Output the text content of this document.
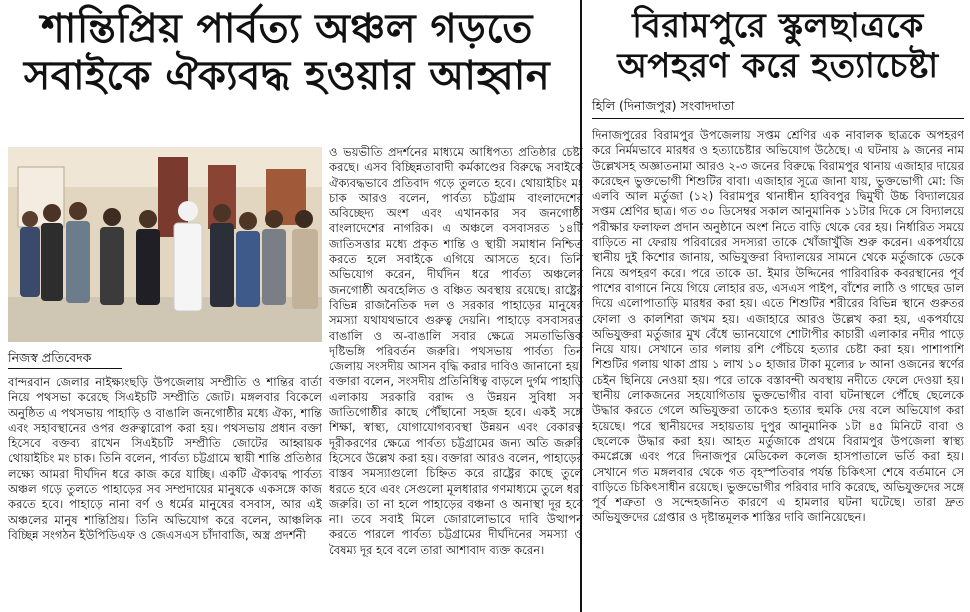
শান্তিপ্রিয় পার্বত্য অঞ্চল গড়তে সবাইকে ঐক্যবদ্ধ হওয়ার আহ্বান
নিজস্ব প্রতিবেদক

বান্দরবান জেলার নাইক্ষ্যংছড়ি উপজেলায় সম্প্রীতি ও শান্তির বার্তা নিয়ে পথসভা করেছে সিএইচটি সম্প্রীতি জোট। মঙ্গলবার বিকেলে অনুষ্ঠিত এ পথসভায় পাহাড়ি ও বাঙালি জনগোষ্ঠীর মধ্যে ঐক্য, শান্তি এবং সহাবস্থানের ওপর গুরুত্বারোপ করা হয়। পথসভায় প্রধান বক্তা হিসেবে বক্তব্য রাখেন সিএইচটি সম্প্রীতি জোটের আহ্বায়ক থোয়াইচিং মং চাক। তিনি বলেন, পার্বত্য চট্টগ্রামে স্থায়ী শান্তি প্রতিষ্ঠার লক্ষ্যে আমরা দীর্ঘদিন ধরে কাজ করে যাচ্ছি। একটি ঐক্যবদ্ধ পার্বত্য অঞ্চল গড়ে তুলতে পাহাড়ের সব সম্প্রদায়ের মানুষকে একসঙ্গে কাজ করতে হবে। পাহাড়ে নানা বর্ণ ও ধর্মের মানুষের বসবাস, আর এই অঞ্চলের মানুষ শান্তিপ্রিয়। তিনি অভিযোগ করে বলেন, আঞ্চলিক বিচ্ছিন্ন সংগঠন ইউপিডিএফ ও জেএসএস চাঁদাবাজি, অস্ত্র প্রদর্শনী

ও ভয়ভীতি প্রদর্শনের মাধ্যমে আধিপত্য প্রতিষ্ঠার চেষ্টা করছে। এসব বিচ্ছিন্নতাবাদী কর্মকাণ্ডের বিরুদ্ধে সবাইকে ঐক্যবদ্ধভাবে প্রতিবাদ গড়ে তুলতে হবে। থোয়াইচিং মং চাক আরও বলেন, পার্বত্য চট্টগ্রাম বাংলাদেশের অবিচ্ছেদ্য অংশ এবং এখানকার সব জনগোষ্ঠী বাংলাদেশের নাগরিক। এ অঞ্চলে বসবাসরত ১৪টি জাতিসত্তার মধ্যে প্রকৃত শান্তি ও স্থায়ী সমাধান নিশ্চিত করতে হলে সবাইকে এগিয়ে আসতে হবে। তিনি অভিযোগ করেন, দীর্ঘদিন ধরে পার্বত্য অঞ্চলের জনগোষ্ঠী অবহেলিত ও বঞ্চিত অবস্থায় রয়েছে। রাষ্ট্রের বিভিন্ন রাজনৈতিক দল ও সরকার পাহাড়ের মানুষের সমস্যা যথাযথভাবে গুরুত্ব দেয়নি। পাহাড়ে বসবাসরত বাঙালি ও অ-বাঙালি সবার ক্ষেত্রে সমতাভিত্তিক দৃষ্টিভঙ্গি পরিবর্তন জরুরি। পথসভায় পার্বত্য তিন জেলায় সংসদীয় আসন বৃদ্ধি করার দাবিও জানানো হয়। বক্তারা বলেন, সংসদীয় প্রতিনিধিত্ব বাড়লে দুর্গম পাহাড়ি এলাকায় সরকারি বরাদ্দ ও উন্নয়ন সুবিধা সব জাতিগোষ্ঠীর কাছে পৌঁছানো সহজ হবে। একই সঙ্গে শিক্ষা, স্বাস্থ্য, যোগাযোগব্যবস্থা উন্নয়ন এবং বেকারত্ব দূরীকরণের ক্ষেত্রে পার্বত্য চট্টগ্রামের জন্য অতি জরুরি হিসেবে উল্লেখ করা হয়। বক্তারা আরও বলেন, পাহাড়ের বাস্তব সমস্যাগুলো চিহ্নিত করে রাষ্ট্রের কাছে তুলে ধরতে হবে এবং সেগুলো মূলধারার গণমাধ্যমে তুলে ধরা জরুরি। তা না হলে পাহাড়ের বঞ্চনা ও অনাস্থা দূর হবে না। তবে সবাই মিলে জোরালোভাবে দাবি উত্থাপন করতে পারলে পার্বত্য চট্টগ্রামের দীর্ঘদিনের সমস্যা ও বৈষম্য দূর হবে বলে তারা আশাবাদ ব্যক্ত করেন।

বিরামপুরে স্কুলছাত্রকে অপহরণ করে হত্যাচেষ্টা
হিলি (দিনাজপুর) সংবাদদাতা

দিনাজপুরের বিরামপুর উপজেলায় সপ্তম শ্রেণির এক নাবালক ছাত্রকে অপহরণ করে নির্মমভাবে মারধর ও হত্যাচেষ্টার অভিযোগ উঠেছে। এ ঘটনায় ৯ জনের নাম উল্লেখসহ অজ্ঞাতনামা আরও ২-৩ জনের বিরুদ্ধে বিরামপুর থানায় এজাহার দায়ের করেছেন ভুক্তভোগী শিশুটির বাবা। এজাহার সূত্রে জানা যায়, ভুক্তভোগী মো: জি এলবি আল মর্তুজা (১২) বিরামপুর থানাধীন হাবিবপুর দ্বিমুখী উচ্চ বিদ্যালয়ের সপ্তম শ্রেণির ছাত্র। গত ৩০ ডিসেম্বর সকাল আনুমানিক ১১টার দিকে সে বিদ্যালয়ে পরীক্ষার ফলাফল প্রদান অনুষ্ঠানে অংশ নিতে বাড়ি থেকে বের হয়। নির্ধারিত সময়ে বাড়িতে না ফেরায় পরিবারের সদস্যরা তাকে খোঁজাখুঁজি শুরু করেন। একপর্যায়ে স্থানীয় দুই কিশোর জানায়, অভিযুক্তরা বিদ্যালয়ের সামনে থেকে মর্তুজাকে ডেকে নিয়ে অপহরণ করে। পরে তাকে ডা. ইমার উদ্দিনের পারিবারিক কবরস্থানের পূর্ব পাশের বাগানে নিয়ে গিয়ে লোহার রড, এসএস পাইপ, বাঁশের লাঠি ও গাছের ডাল দিয়ে এলোপাতাড়ি মারধর করা হয়। এতে শিশুটির শরীরের বিভিন্ন স্থানে গুরুতর ফোলা ও কালশিরা জখম হয়। এজাহারে আরও উল্লেখ করা হয়, একপর্যায়ে অভিযুক্তরা মর্তুজার মুখ বেঁধে ভ্যানযোগে শোটাপীর কাচারী এলাকার নদীর পাড়ে নিয়ে যায়। সেখানে তার গলায় রশি পেঁচিয়ে হত্যার চেষ্টা করা হয়। পাশাপাশি শিশুটির গলায় থাকা প্রায় ১ লাখ ১০ হাজার টাকা মূল্যের ৮ আনা ওজনের স্বর্ণের চেইন ছিনিয়ে নেওয়া হয়। পরে তাকে বস্তাবন্দী অবস্থায় নদীতে ফেলে দেওয়া হয়। স্থানীয় লোকজনের সহযোগিতায় ভুক্তভোগীর বাবা ঘটনাস্থলে পৌঁছে ছেলেকে উদ্ধার করতে গেলে অভিযুক্তরা তাকেও হত্যার হুমকি দেয় বলে অভিযোগ করা হয়েছে। পরে স্থানীয়দের সহায়তায় দুপুর আনুমানিক ১টা ৪৫ মিনিটে বাবা ও ছেলেকে উদ্ধার করা হয়। আহত মর্তুজাকে প্রথমে বিরামপুর উপজেলা স্বাস্থ্য কমপ্লেক্সে এবং পরে দিনাজপুর মেডিকেল কলেজ হাসপাতালে ভর্তি করা হয়। সেখানে গত মঙ্গলবার থেকে গত বৃহস্পতিবার পর্যন্ত চিকিৎসা শেষে বর্তমানে সে বাড়িতে চিকিৎসাধীন রয়েছে। ভুক্তভোগীর পরিবার দাবি করেছে, অভিযুক্তদের সঙ্গে পূর্ব শত্রুতা ও সন্দেহজনিত কারণে এ হামলার ঘটনা ঘটেছে। তারা দ্রুত অভিযুক্তদের গ্রেপ্তার ও দৃষ্টান্তমূলক শাস্তির দাবি জানিয়েছেন।
